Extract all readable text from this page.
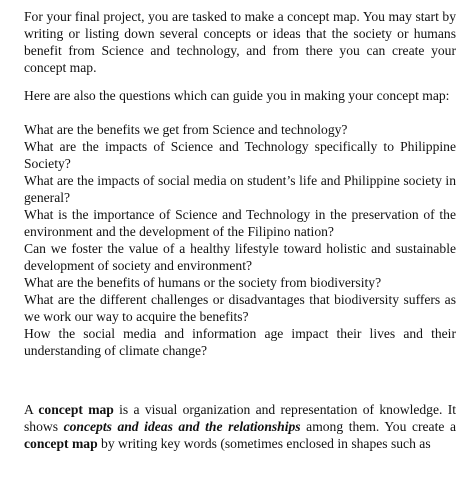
For your final project, you are tasked to make a concept map. You may start by writing or listing down several concepts or ideas that the society or humans benefit from Science and technology, and from there you can create your concept map.

Here are also the questions which can guide you in making your concept map:

What are the benefits we get from Science and technology?

What are the impacts of Science and Technology specifically to Philippine Society?

What are the impacts of social media on student’s life and Philippine society in general?

What is the importance of Science and Technology in the preservation of the environment and the development of the Filipino nation?

Can we foster the value of a healthy lifestyle toward holistic and sustainable development of society and environment?

What are the benefits of humans or the society from biodiversity?

What are the different challenges or disadvantages that biodiversity suffers as we work our way to acquire the benefits?

How the social media and information age impact their lives and their understanding of climate change?

A concept map is a visual organization and representation of knowledge. It shows concepts and ideas and the relationships among them. You create a concept map by writing key words (sometimes enclosed in shapes such as
